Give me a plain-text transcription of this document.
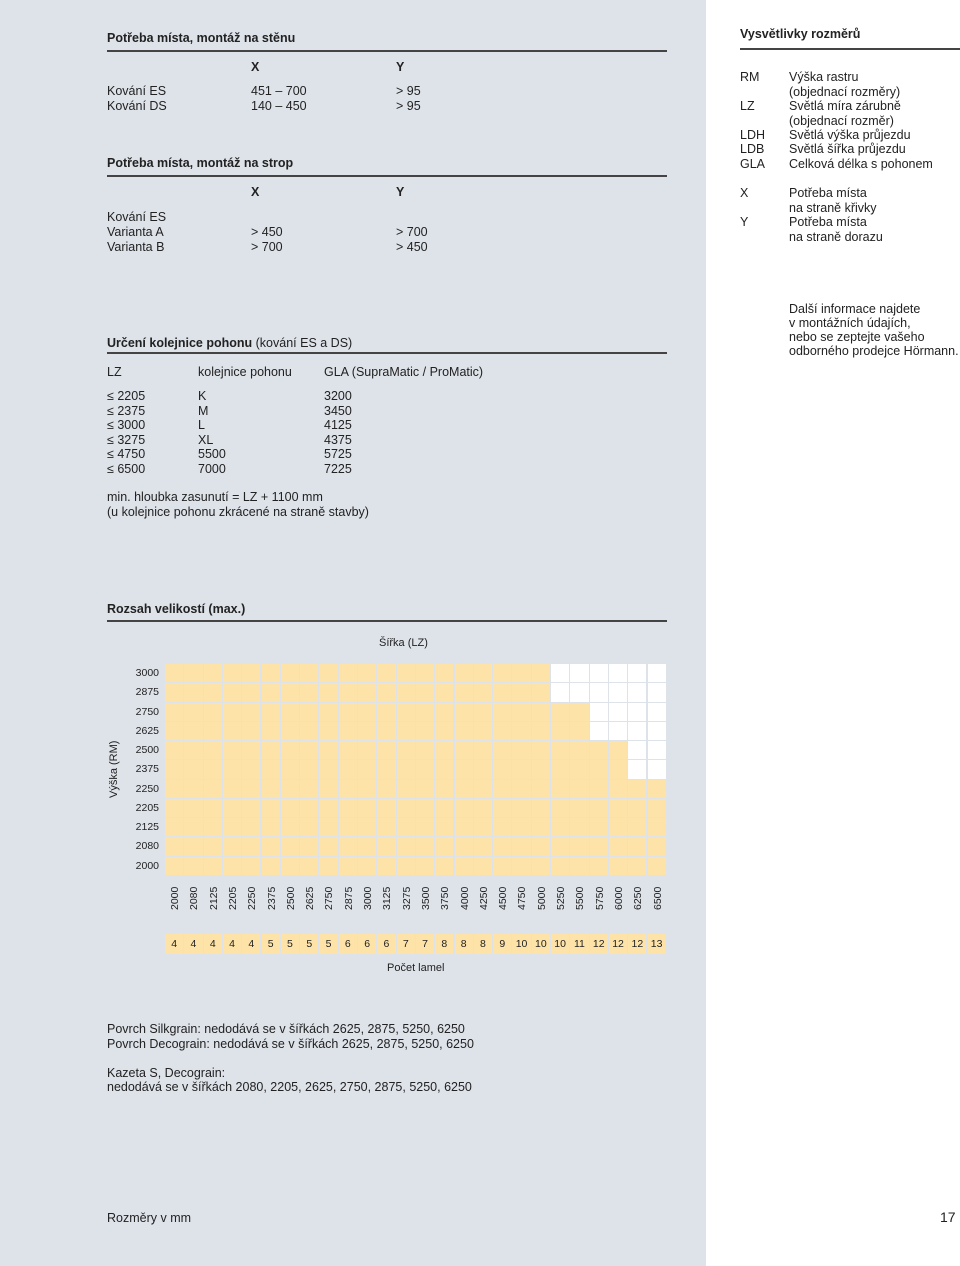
Potřeba místa, montáž na stěnu
X	Y
Kování ES	451 – 700	> 95
Kování DS	140 – 450	> 95
Potřeba místa, montáž na strop
X	Y
Kování ES
Varianta A	> 450	> 700
Varianta B	> 700	> 450
Vysvětlivky rozměrů
RM Výška rastru
(objednací rozměry)
LZ	Světlá míra zárubně
(objednací rozměr)
LDH Světlá výška průjezdu
LDB Světlá šířka průjezdu
GLA Celková délka s pohonem
X	Potřeba místa
na straně křivky
Y	Potřeba místa
na straně dorazu
Další informace najdete
v montážních údajích,
nebo se zeptejte vašeho
odborného prodejce Hörmann.
Určení kolejnice pohonu (kování ES a DS)
LZ	kolejnice pohonu	GLA (SupraMatic / ProMatic)
≤ 2205	K	3200
≤ 2375	M	3450
≤ 3000	L	4125
≤ 3275	XL	4375
≤ 4750	5500	5725
≤ 6500	7000	7225
min. hloubka zasunutí = LZ + 1100 mm
(u kolejnice pohonu zkrácené na straně stavby)
Rozsah velikostí (max.)
Šířka (LZ)
Výška (RM)
3000
2875
2750
2625
2500
2375
2250
2205
2125
2080
2000
2000 2080 2125 2205 2250 2375 2500 2625 2750 2875 3000 3125 3275 3500 3750 4000 4250 4500 4750 5000 5250 5500 5750 6000 6250 6500
4	4	4	4	4	5	5	5	5	6	6	6	7	7	8	8	8	9	10 10 10 11 12 12 12 13
Počet lamel
Povrch Silkgrain: nedodává se v šířkách 2625, 2875, 5250, 6250
Povrch Decograin: nedodává se v šířkách 2625, 2875, 5250, 6250
Kazeta S, Decograin:
nedodává se v šířkách 2080, 2205, 2625, 2750, 2875, 5250, 6250
Rozměry v mm	17
